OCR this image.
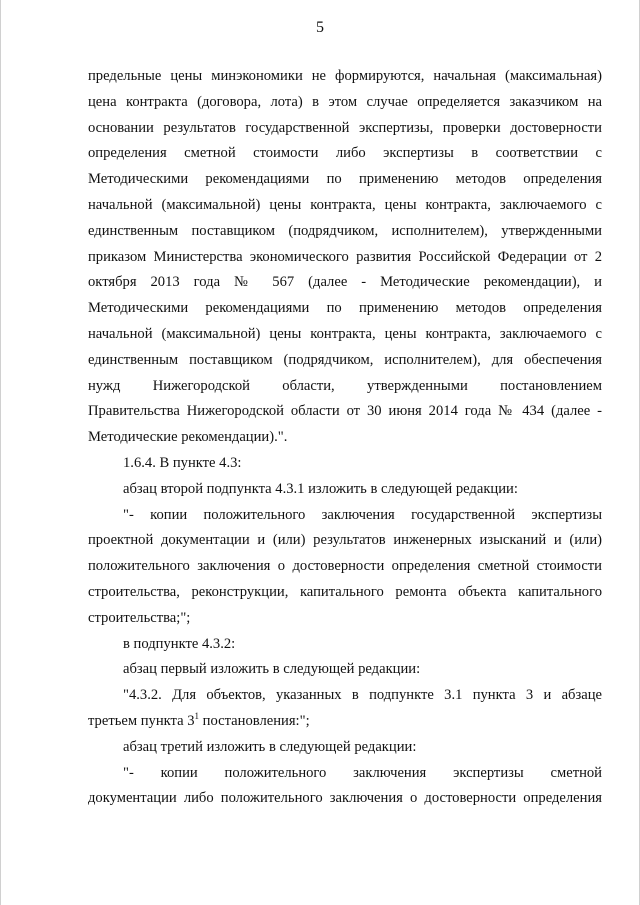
5
предельные цены минэкономики не формируются, начальная (максимальная)
цена контракта (договора, лота) в этом случае определяется заказчиком на
основании результатов государственной экспертизы, проверки достоверности
определения сметной стоимости либо экспертизы в соответствии с
Методическими рекомендациями по применению методов определения
начальной (максимальной) цены контракта, цены контракта, заключаемого с
единственным поставщиком (подрядчиком, исполнителем), утвержденными
приказом Министерства экономического развития Российской Федерации от 2
октября 2013 года № 567 (далее - Методические рекомендации), и
Методическими рекомендациями по применению методов определения
начальной (максимальной) цены контракта, цены контракта, заключаемого с
единственным поставщиком (подрядчиком, исполнителем), для обеспечения
нужд Нижегородской области, утвержденными постановлением
Правительства Нижегородской области от 30 июня 2014 года № 434 (далее -
Методические рекомендации).".
1.6.4. В пункте 4.3:
абзац второй подпункта 4.3.1 изложить в следующей редакции:
"- копии положительного заключения государственной экспертизы
проектной документации и (или) результатов инженерных изысканий и (или)
положительного заключения о достоверности определения сметной стоимости
строительства, реконструкции, капитального ремонта объекта капитального
строительства;";
в подпункте 4.3.2:
абзац первый изложить в следующей редакции:
"4.3.2. Для объектов, указанных в подпункте 3.1 пункта 3 и абзаце
третьем пункта $3^1$ постановления:";
абзац третий изложить в следующей редакции:
"- копии положительного заключения экспертизы сметной
документации либо положительного заключения о достоверности определения
